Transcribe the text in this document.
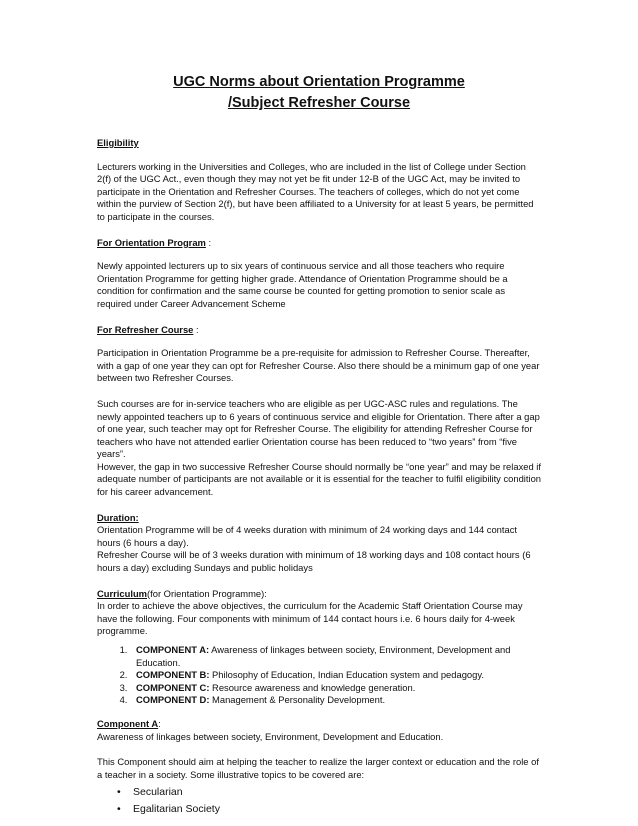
UGC Norms about Orientation Programme
/Subject Refresher Course
Eligibility

Lecturers working in the Universities and Colleges, who are included in the list of College under Section 2(f) of the UGC Act., even though they may not yet be fit under 12-B of the UGC Act, may be invited to participate in the Orientation and Refresher Courses. The teachers of colleges, which do not yet come within the purview of Section 2(f), but have been affiliated to a University for at least 5 years, be permitted to participate in the courses.

For Orientation Program :

Newly appointed lecturers up to six years of continuous service and all those teachers who require Orientation Programme for getting higher grade. Attendance of Orientation Programme should be a condition for confirmation and the same course be counted for getting promotion to senior scale as required under Career Advancement Scheme

For Refresher Course :

Participation in Orientation Programme be a pre-requisite for admission to Refresher Course. Thereafter, with a gap of one year they can opt for Refresher Course. Also there should be a minimum gap of one year between two Refresher Courses.

Such courses are for in-service teachers who are eligible as per UGC-ASC rules and regulations. The newly appointed teachers up to 6 years of continuous service and eligible for Orientation. There after a gap of one year, such teacher may opt for Refresher Course. The eligibility for attending Refresher Course for teachers who have not attended earlier Orientation course has been reduced to “two years” from “five years”.

However, the gap in two successive Refresher Course should normally be “one year” and may be relaxed if adequate number of participants are not available or it is essential for the teacher to fulfil eligibility condition for his career advancement.

Duration:

Orientation Programme will be of 4 weeks duration with minimum of 24 working days and 144 contact hours (6 hours a day).

Refresher Course will be of 3 weeks duration with minimum of 18 working days and 108 contact hours (6 hours a day) excluding Sundays and public holidays

Curriculum(for Orientation Programme):

In order to achieve the above objectives, the curriculum for the Academic Staff Orientation Course may have the following. Four components with minimum of 144 contact hours i.e. 6 hours daily for 4-week programme.

1. COMPONENT A: Awareness of linkages between society, Environment, Development and Education.
2. COMPONENT B: Philosophy of Education, Indian Education system and pedagogy.
3. COMPONENT C: Resource awareness and knowledge generation.
4. COMPONENT D: Management & Personality Development.
Component A:

Awareness of linkages between society, Environment, Development and Education.

This Component should aim at helping the teacher to realize the larger context or education and the role of a teacher in a society. Some illustrative topics to be covered are:

• Secularian
• Egalitarian Society
